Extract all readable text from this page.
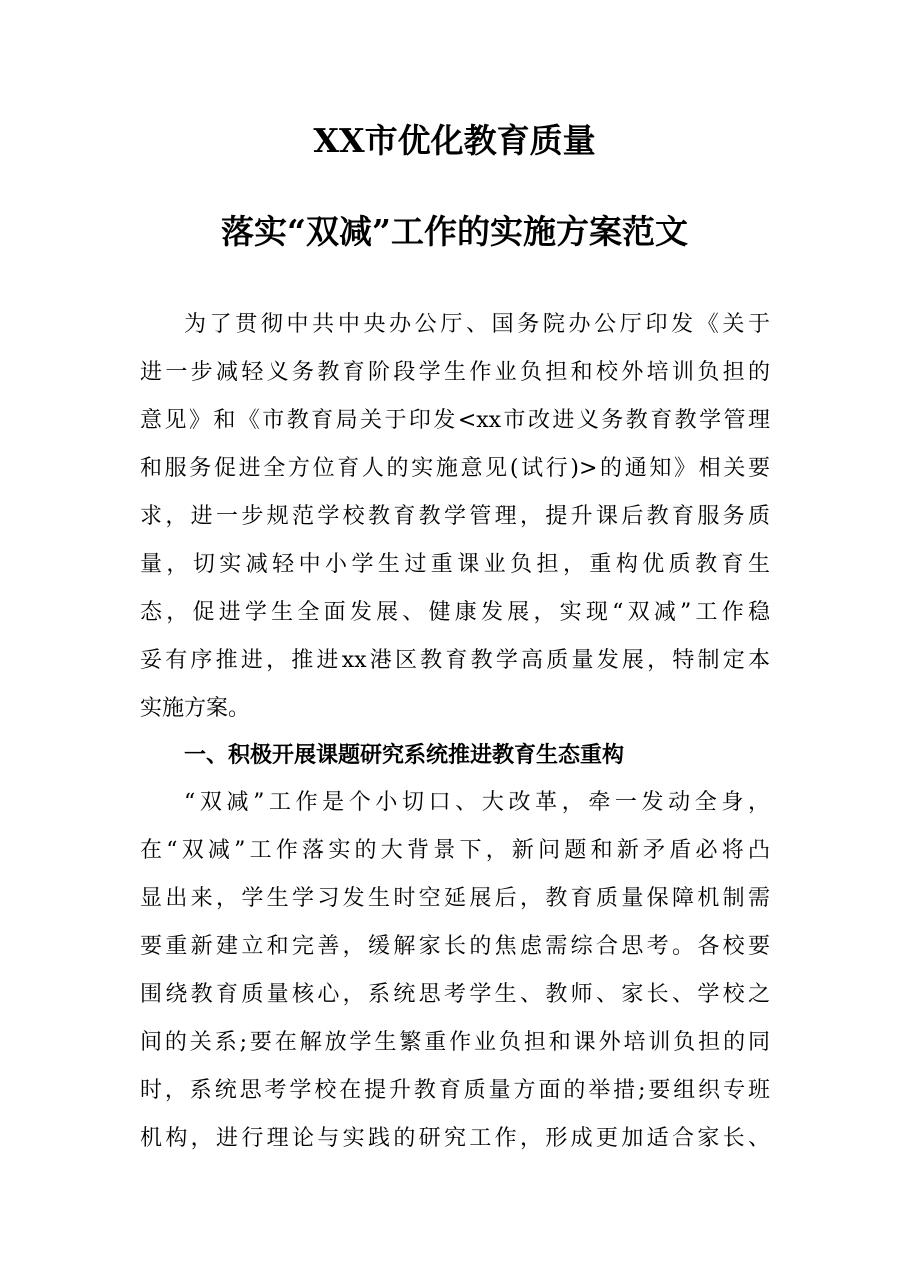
XX市优化教育质量
落实“双减”工作的实施方案范文
为了贯彻中共中央办公厅、国务院办公厅印发《关于
进一步减轻义务教育阶段学生作业负担和校外培训负担的
意见》和《市教育局关于印发<xx市改进义务教育教学管理
和服务促进全方位育人的实施意见(试行)>的通知》相关要
求，进一步规范学校教育教学管理，提升课后教育服务质
量，切实减轻中小学生过重课业负担，重构优质教育生
态，促进学生全面发展、健康发展，实现“双减”工作稳
妥有序推进，推进xx港区教育教学高质量发展，特制定本
实施方案。
一、积极开展课题研究系统推进教育生态重构
“双减”工作是个小切口、大改革，牵一发动全身，
在“双减”工作落实的大背景下，新问题和新矛盾必将凸
显出来，学生学习发生时空延展后，教育质量保障机制需
要重新建立和完善，缓解家长的焦虑需综合思考。各校要
围绕教育质量核心，系统思考学生、教师、家长、学校之
间的关系;要在解放学生繁重作业负担和课外培训负担的同
时，系统思考学校在提升教育质量方面的举措;要组织专班
机构，进行理论与实践的研究工作，形成更加适合家长、
